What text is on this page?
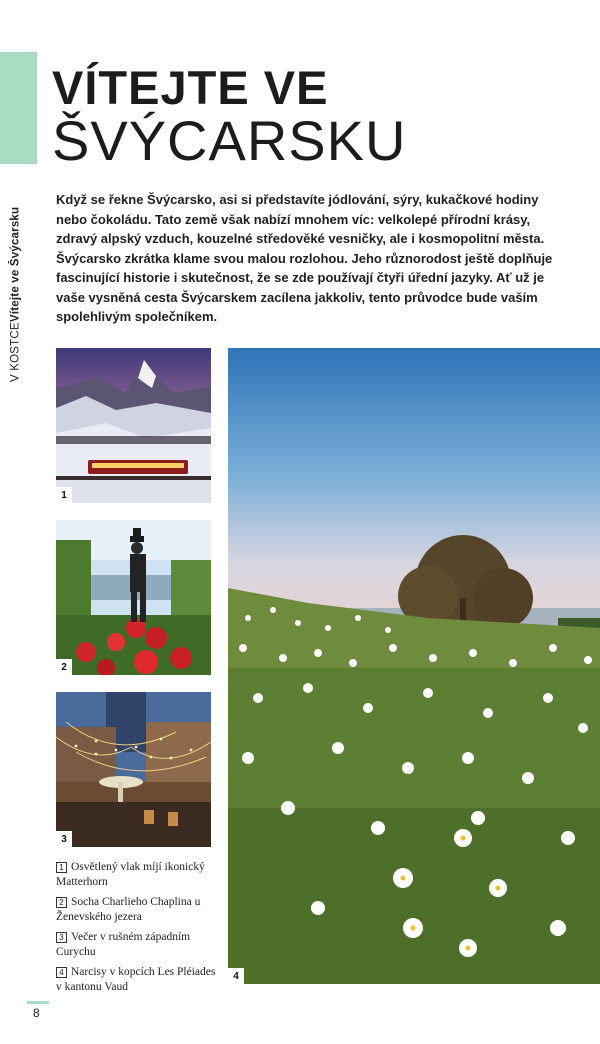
V KOSTCE
Vítejte ve Švýcarsku
VÍTEJTE VE
ŠVÝCARSKU

Když se řekne Švýcarsko, asi si představíte jódlování, sýry, kukačkové hodiny nebo čokoládu. Tato země však nabízí mnohem víc: velkolepé přírodní krásy, zdravý alpský vzduch, kouzelné středověké vesničky, ale i kosmopolitní města. Švýcarsko zkrátka klame svou malou rozlohou. Jeho různorodost ještě doplňuje fascinující historie i skutečnost, že se zde používají čtyři úřední jazyky. Ať už je vaše vysněná cesta Švýcarskem zacílena jakkoliv, tento průvodce bude vaším spolehlivým společníkem.

1
2
3
4

1 Osvětlený vlak míjí ikonický Matterhorn

2 Socha Charlieho Chaplina u Ženevského jezera

3 Večer v rušném západním Curychu

4 Narcisy v kopcích Les Pléiades v kantonu Vaud

8
